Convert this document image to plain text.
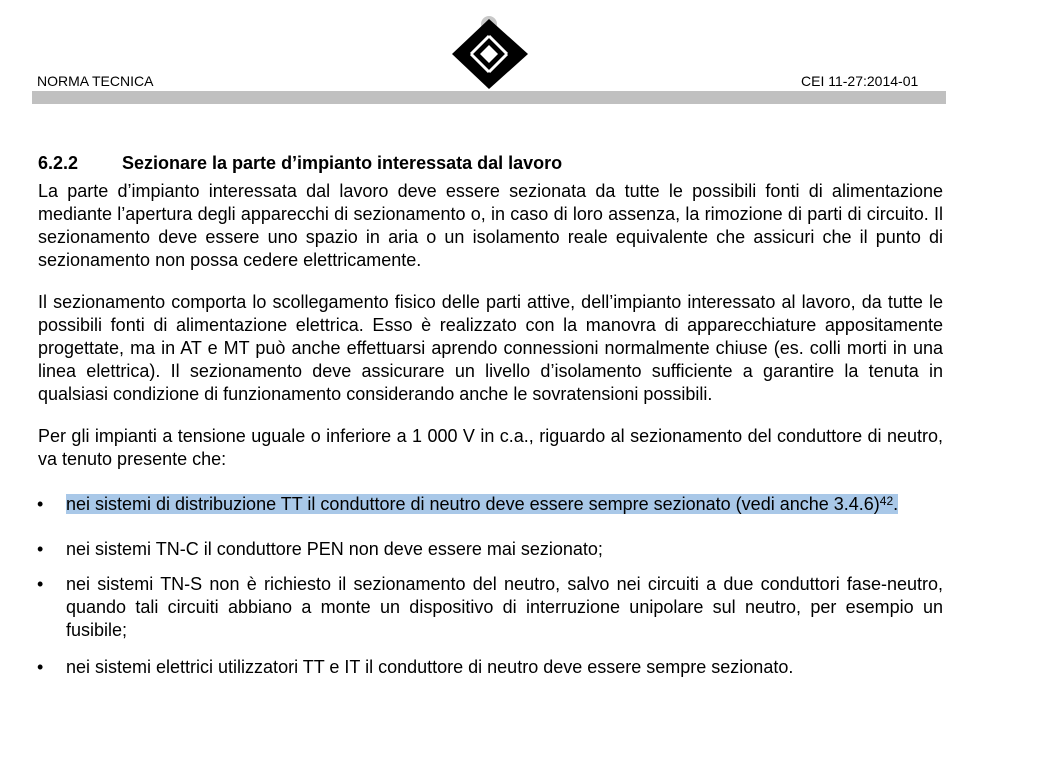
NORMA TECNICA	CEI 11-27:2014-01
6.2.2 Sezionare la parte d’impianto interessata dal lavoro

La parte d’impianto interessata dal lavoro deve essere sezionata da tutte le possibili fonti di alimentazione mediante l’apertura degli apparecchi di sezionamento o, in caso di loro assenza, la rimozione di parti di circuito. Il sezionamento deve essere uno spazio in aria o un isolamento reale equivalente che assicuri che il punto di sezionamento non possa cedere elettricamente.

Il sezionamento comporta lo scollegamento fisico delle parti attive, dell’impianto interessato al lavoro, da tutte le possibili fonti di alimentazione elettrica. Esso è realizzato con la manovra di apparecchiature appositamente progettate, ma in AT e MT può anche effettuarsi aprendo connessioni normalmente chiuse (es. colli morti in una linea elettrica). Il sezionamento deve assicurare un livello d’isolamento sufficiente a garantire la tenuta in qualsiasi condizione di funzionamento considerando anche le sovratensioni possibili.

Per gli impianti a tensione uguale o inferiore a 1 000 V in c.a., riguardo al sezionamento del conduttore di neutro, va tenuto presente che:

• nei sistemi di distribuzione TT il conduttore di neutro deve essere sempre sezionato (vedi anche 3.4.6)$^{42}$.
• nei sistemi TN-C il conduttore PEN non deve essere mai sezionato;
• nei sistemi TN-S non è richiesto il sezionamento del neutro, salvo nei circuiti a due conduttori fase-neutro, quando tali circuiti abbiano a monte un dispositivo di interruzione unipolare sul neutro, per esempio un fusibile;
• nei sistemi elettrici utilizzatori TT e IT il conduttore di neutro deve essere sempre sezionato.
